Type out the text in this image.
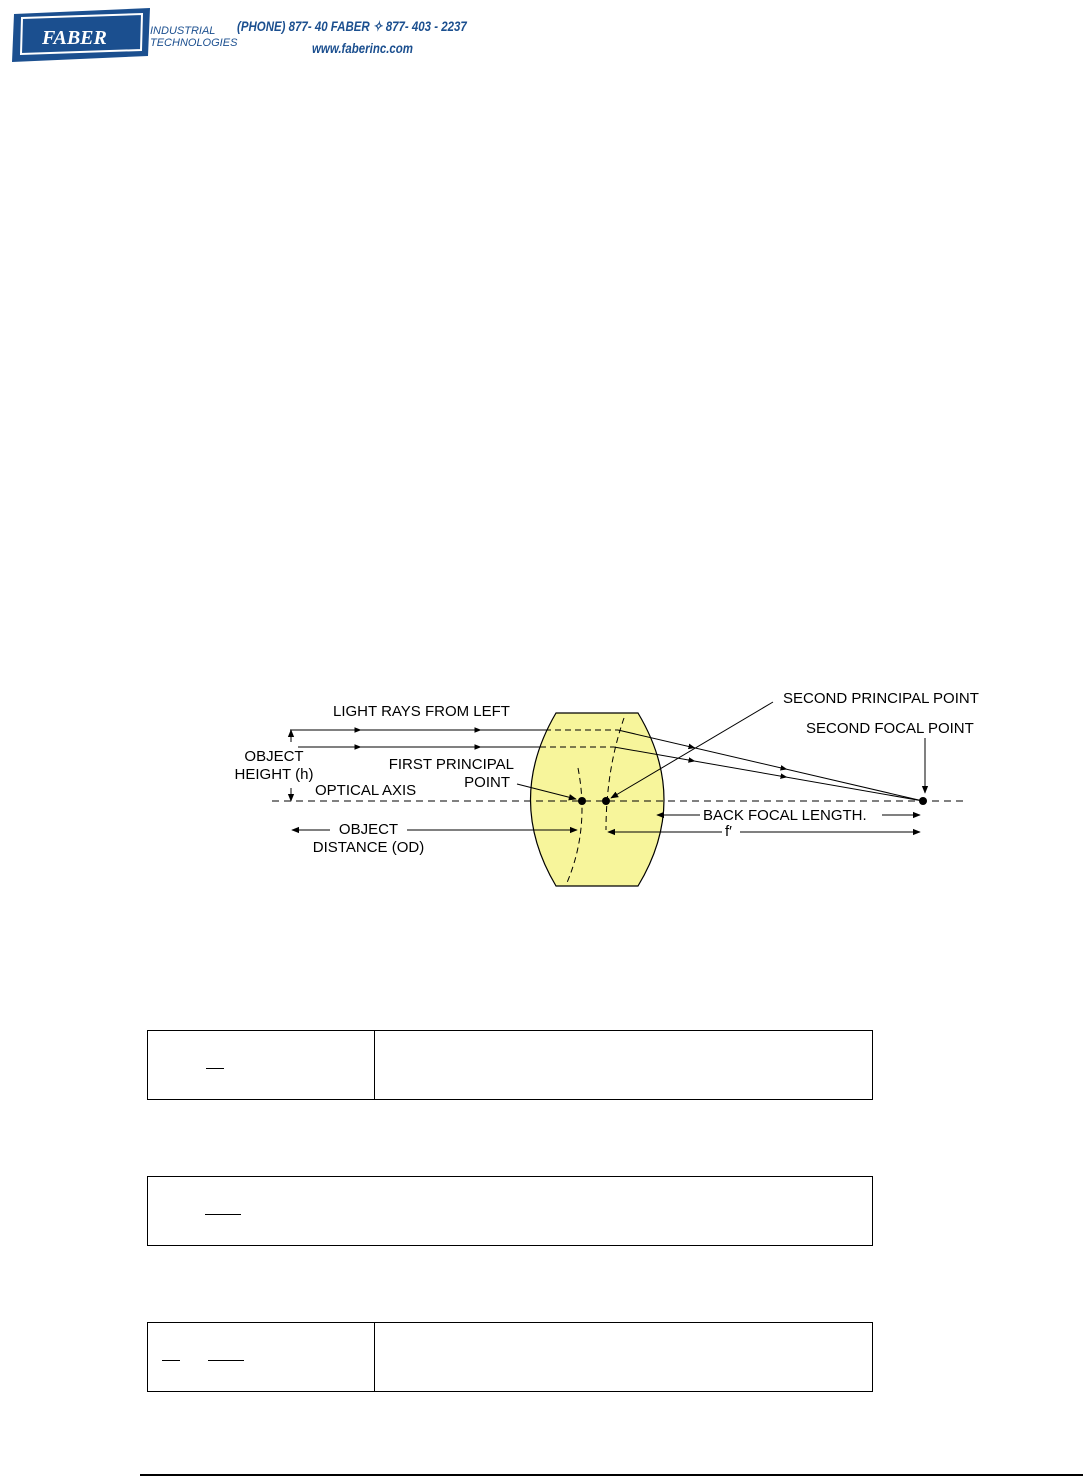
FABER	INDUSTRIAL
TECHNOLOGIES
(PHONE) 877- 40 FABER ✧ 877- 403 - 2237
www.faberinc.com
LIGHT RAYS FROM LEFT
OBJECT
HEIGHT (h)
OPTICAL AXIS
FIRST PRINCIPAL
POINT
SECOND PRINCIPAL POINT
SECOND FOCAL POINT
OBJECT
DISTANCE (OD)
BACK FOCAL LENGTH.
f′
